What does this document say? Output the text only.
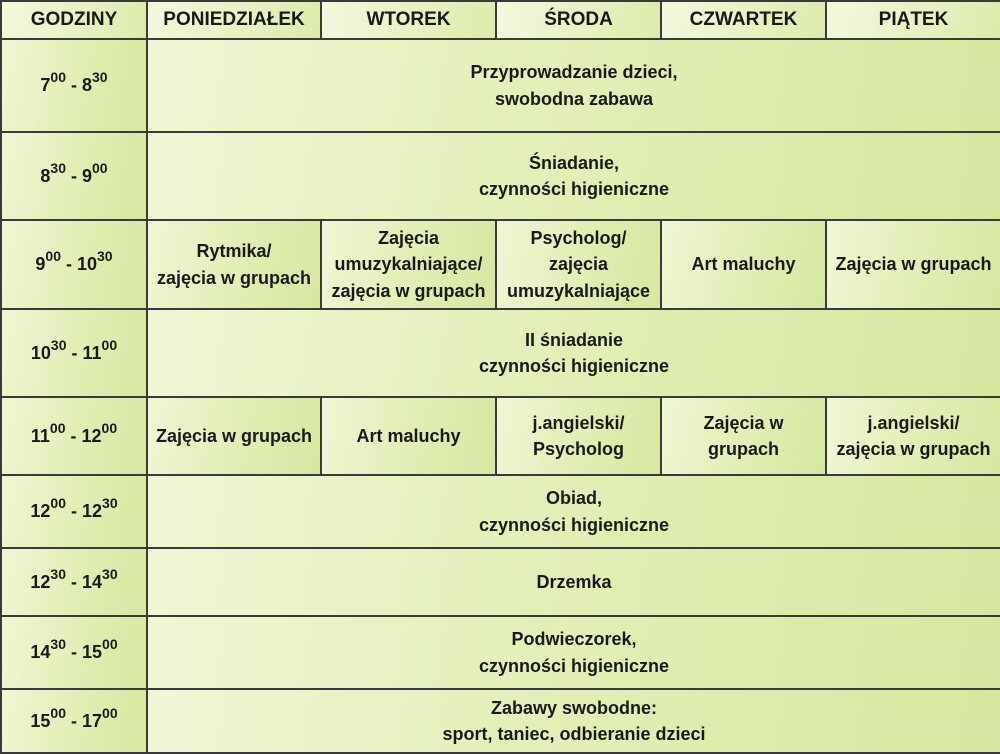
GODZINY	PONIEDZIAŁEK	WTOREK	ŚRODA	CZWARTEK	PIĄTEK
$7^{00} - 8^{30}$	Przyprowadzanie dzieci,
swobodna zabawa				

$8^{30} - 9^{00}$	Śniadanie,
czynności higieniczne				

$9^{00} - 10^{30}$	Rytmika/
zajęcia w grupach	Zajęcia
umuzykalniające/
zajęcia w grupach	Psycholog/
zajęcia
umuzykalniające	Art maluchy	Zajęcia w grupach

$10^{30} - 11^{00}$	II śniadanie
czynności higieniczne				

$11^{00} - 12^{00}$	Zajęcia w grupach	Art maluchy	j.angielski/
Psycholog	Zajęcia w
grupach	j.angielski/
zajęcia w grupach

$12^{00} - 12^{30}$	Obiad,
czynności higieniczne				

$12^{30} - 14^{30}$	Drzemka				

$14^{30} - 15^{00}$	Podwieczorek,
czynności higieniczne				

$15^{00} - 17^{00}$	Zabawy swobodne:
sport, taniec, odbieranie dzieci				
